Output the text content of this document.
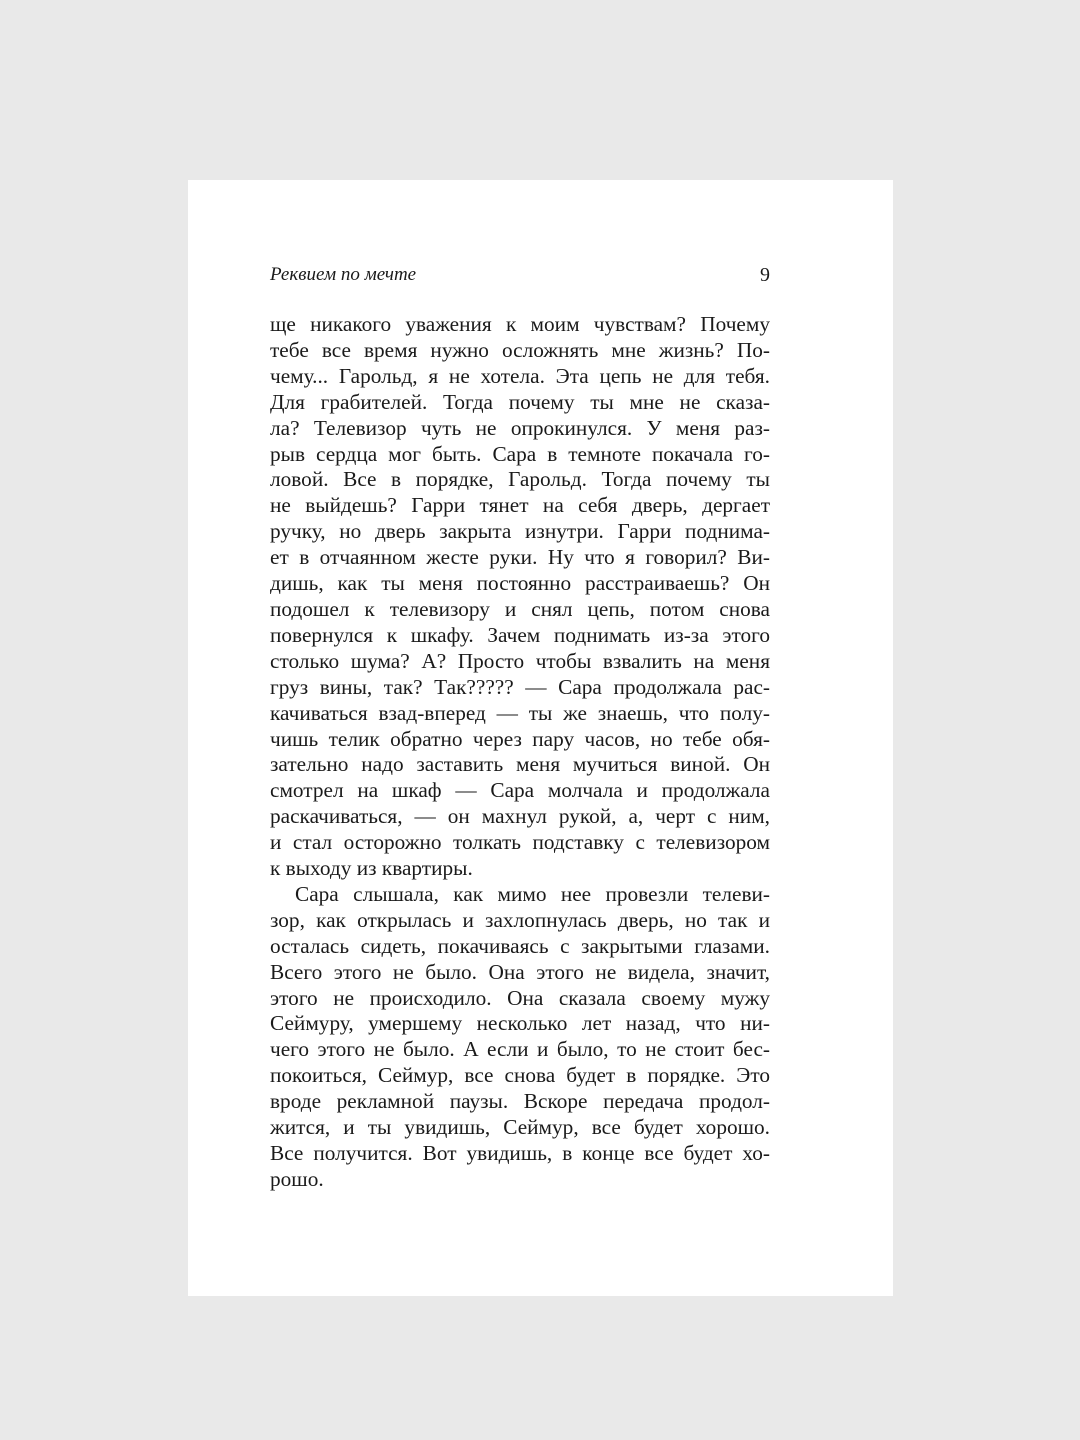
Реквием по мечте	9
ще никакого уважения к моим чувствам? Почему
тебе все время нужно осложнять мне жизнь? По-
чему... Гарольд, я не хотела. Эта цепь не для тебя.
Для грабителей. Тогда почему ты мне не сказа-
ла? Телевизор чуть не опрокинулся. У меня раз-
рыв сердца мог быть. Сара в темноте покачала го-
ловой. Все в порядке, Гарольд. Тогда почему ты
не выйдешь? Гарри тянет на себя дверь, дергает
ручку, но дверь закрыта изнутри. Гарри поднима-
ет в отчаянном жесте руки. Ну что я говорил? Ви-
дишь, как ты меня постоянно расстраиваешь? Он
подошел к телевизору и снял цепь, потом снова
повернулся к шкафу. Зачем поднимать из-за этого
столько шума? А? Просто чтобы взвалить на меня
груз вины, так? Так????? — Сара продолжала рас-
качиваться взад-вперед — ты же знаешь, что полу-
чишь телик обратно через пару часов, но тебе обя-
зательно надо заставить меня мучиться виной. Он
смотрел на шкаф — Сара молчала и продолжала
раскачиваться, — он махнул рукой, а, черт с ним,
и стал осторожно толкать подставку с телевизором
к выходу из квартиры.
Сара слышала, как мимо нее провезли телеви-
зор, как открылась и захлопнулась дверь, но так и
осталась сидеть, покачиваясь с закрытыми глазами.
Всего этого не было. Она этого не видела, значит,
этого не происходило. Она сказала своему мужу
Сеймуру, умершему несколько лет назад, что ни-
чего этого не было. А если и было, то не стоит бес-
покоиться, Сеймур, все снова будет в порядке. Это
вроде рекламной паузы. Вскоре передача продол-
жится, и ты увидишь, Сеймур, все будет хорошо.
Все получится. Вот увидишь, в конце все будет хо-
рошо.
